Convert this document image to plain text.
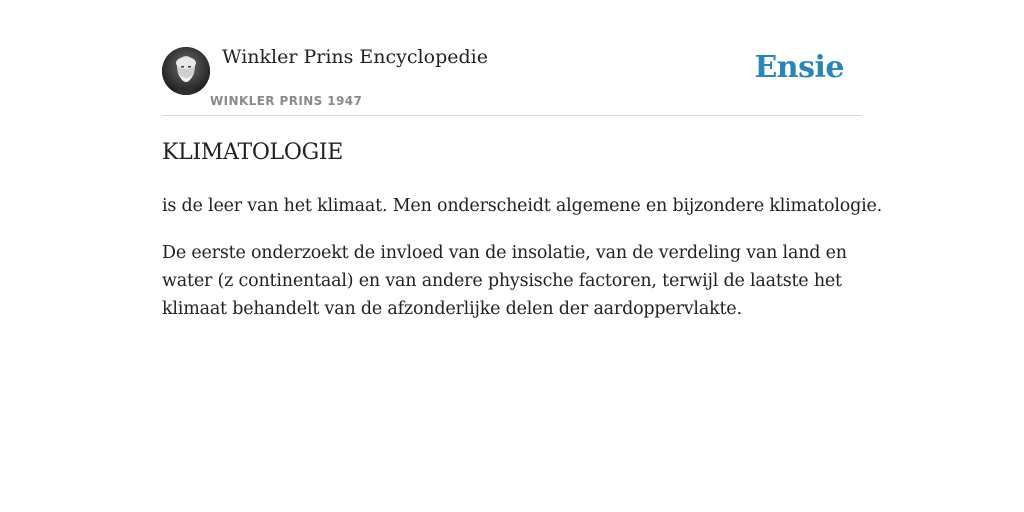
Winkler Prins Encyclopedie
WINKLER PRINS 1947
Ensie
KLIMATOLOGIE

is de leer van het klimaat. Men onderscheidt algemene en bijzondere klimatologie.

De eerste onderzoekt de invloed van de insolatie, van de verdeling van land en water (z continentaal) en van andere physische factoren, terwijl de laatste het klimaat behandelt van de afzonderlijke delen der aardoppervlakte.
